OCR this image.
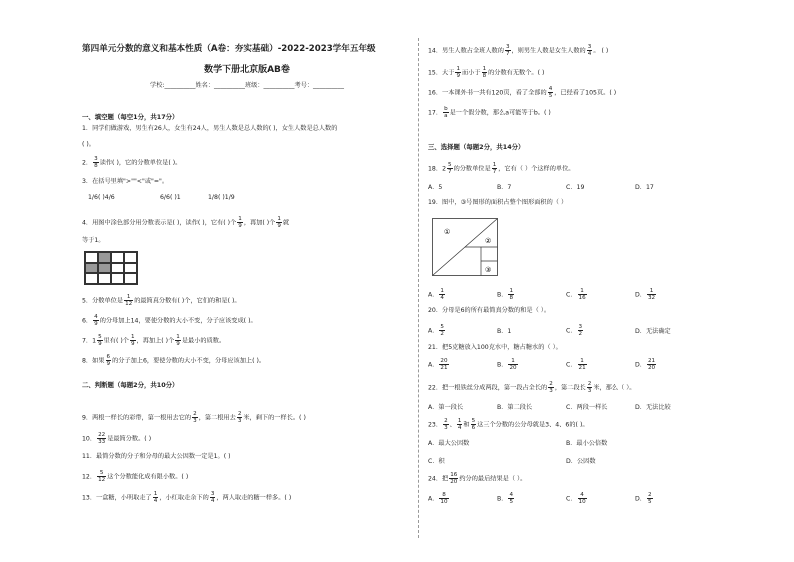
第四单元分数的意义和基本性质（A卷：夯实基础）-2022-2023学年五年级
数学下册北京版AB卷
学校:__________姓名：__________班级：__________考号：__________
一、填空题（每空1分，共17分）
1．同学们做游戏，男生有26人，女生有24人，男生人数是总人数的( )，女生人数是总人数的
( )。
2． $\frac{3}{8}$ 读作( )，它的分数单位是( )。
3．在括号里填">""<"或"="。
1/6( )4/6	6/6( )1	1/8( )1/9
4．用图中涂色部分用分数表示是( )，读作( )，它有( )个 $\frac{1}{9}$ ，再加( )个 $\frac{1}{9}$ 就
等于1。
5．分数单位是 $\frac{1}{12}$ 的最简真分数有( )个，它们的和是( )。
6． $\frac{4}{9}$ 的分母加上14，要使分数的大小不变，分子应该变成( )。
7．$1 \frac{5}{9}$ 里有( )个 $\frac{1}{9}$ ，再加上( )个 $\frac{1}{9}$ 是最小的质数。
8．如果 $\frac{6}{9}$ 的分子加上6，要使分数的大小不变，分母应该加上( )。
二、判断题（每题2分，共10分）
9．两根一样长的彩带，第一根用去它的 $\frac{2}{3}$ ，第二根用去 $\frac{2}{3}$ 米，剩下的一样长。( )
10． $\frac{22}{33}$ 是最简分数。( )
11．最简分数的分子和分母的最大公因数一定是1。( )
12． $\frac{5}{12}$ 这个分数能化成有限小数。( )
13．一盒糖，小明取走了 $\frac{1}{4}$ ，小红取走余下的 $\frac{3}{4}$ ，两人取走的糖一样多。( )
14．男生人数占全班人数的 $\frac{3}{7}$ ，则男生人数是女生人数的 $\frac{3}{4}$ 。 ( )
15．大于 $\frac{1}{9}$ 而小于 $\frac{1}{8}$ 的分数有无数个。( )
16．一本课外书一共有120页，看了全部的 $\frac{4}{5}$ ，已经看了105页。( )
17． $\frac{b}{a}$ 是一个假分数，那么a可能等于b。( )
三、选择题（每题2分，共14分）
18．$2 \frac{5}{7}$ 的分数单位是 $\frac{1}{7}$ ，它有（ ）个这样的单位。
A．5	B．7	C．19	D．17
19．图中，③号图形的面积占整个图形面积的（ ）
①
②
③
A． $\frac{1}{4}$	B． $\frac{1}{8}$	C． $\frac{1}{16}$	D． $\frac{1}{32}$
20．分母是6的所有最简真分数的和是（ ）。
A． $\frac{5}{2}$	B．1	C． $\frac{3}{2}$	D．无法确定
21．把5克糖放入100克水中，糖占糖水的（ ）。
A． $\frac{20}{21}$	B． $\frac{1}{20}$	C． $\frac{1}{21}$	D． $\frac{21}{20}$
22．把一根铁丝分成两段，第一段占全长的 $\frac{2}{3}$ ，第二段长 $\frac{2}{3}$ 米，那么（ ）。
A．第一段长	B．第二段长	C．两段一样长	D．无法比较
23． $\frac{2}{3}$ 、 $\frac{1}{4}$ 和 $\frac{5}{6}$ 这三个分数的公分母就是3、4、6的( )。
A．最大公因数	B．最小公倍数
C．积	D．公因数
24．把 $\frac{16}{20}$ 约分的最后结果是（ ）。
A． $\frac{8}{10}$	B． $\frac{4}{5}$	C． $\frac{4}{10}$	D． $\frac{2}{5}$
